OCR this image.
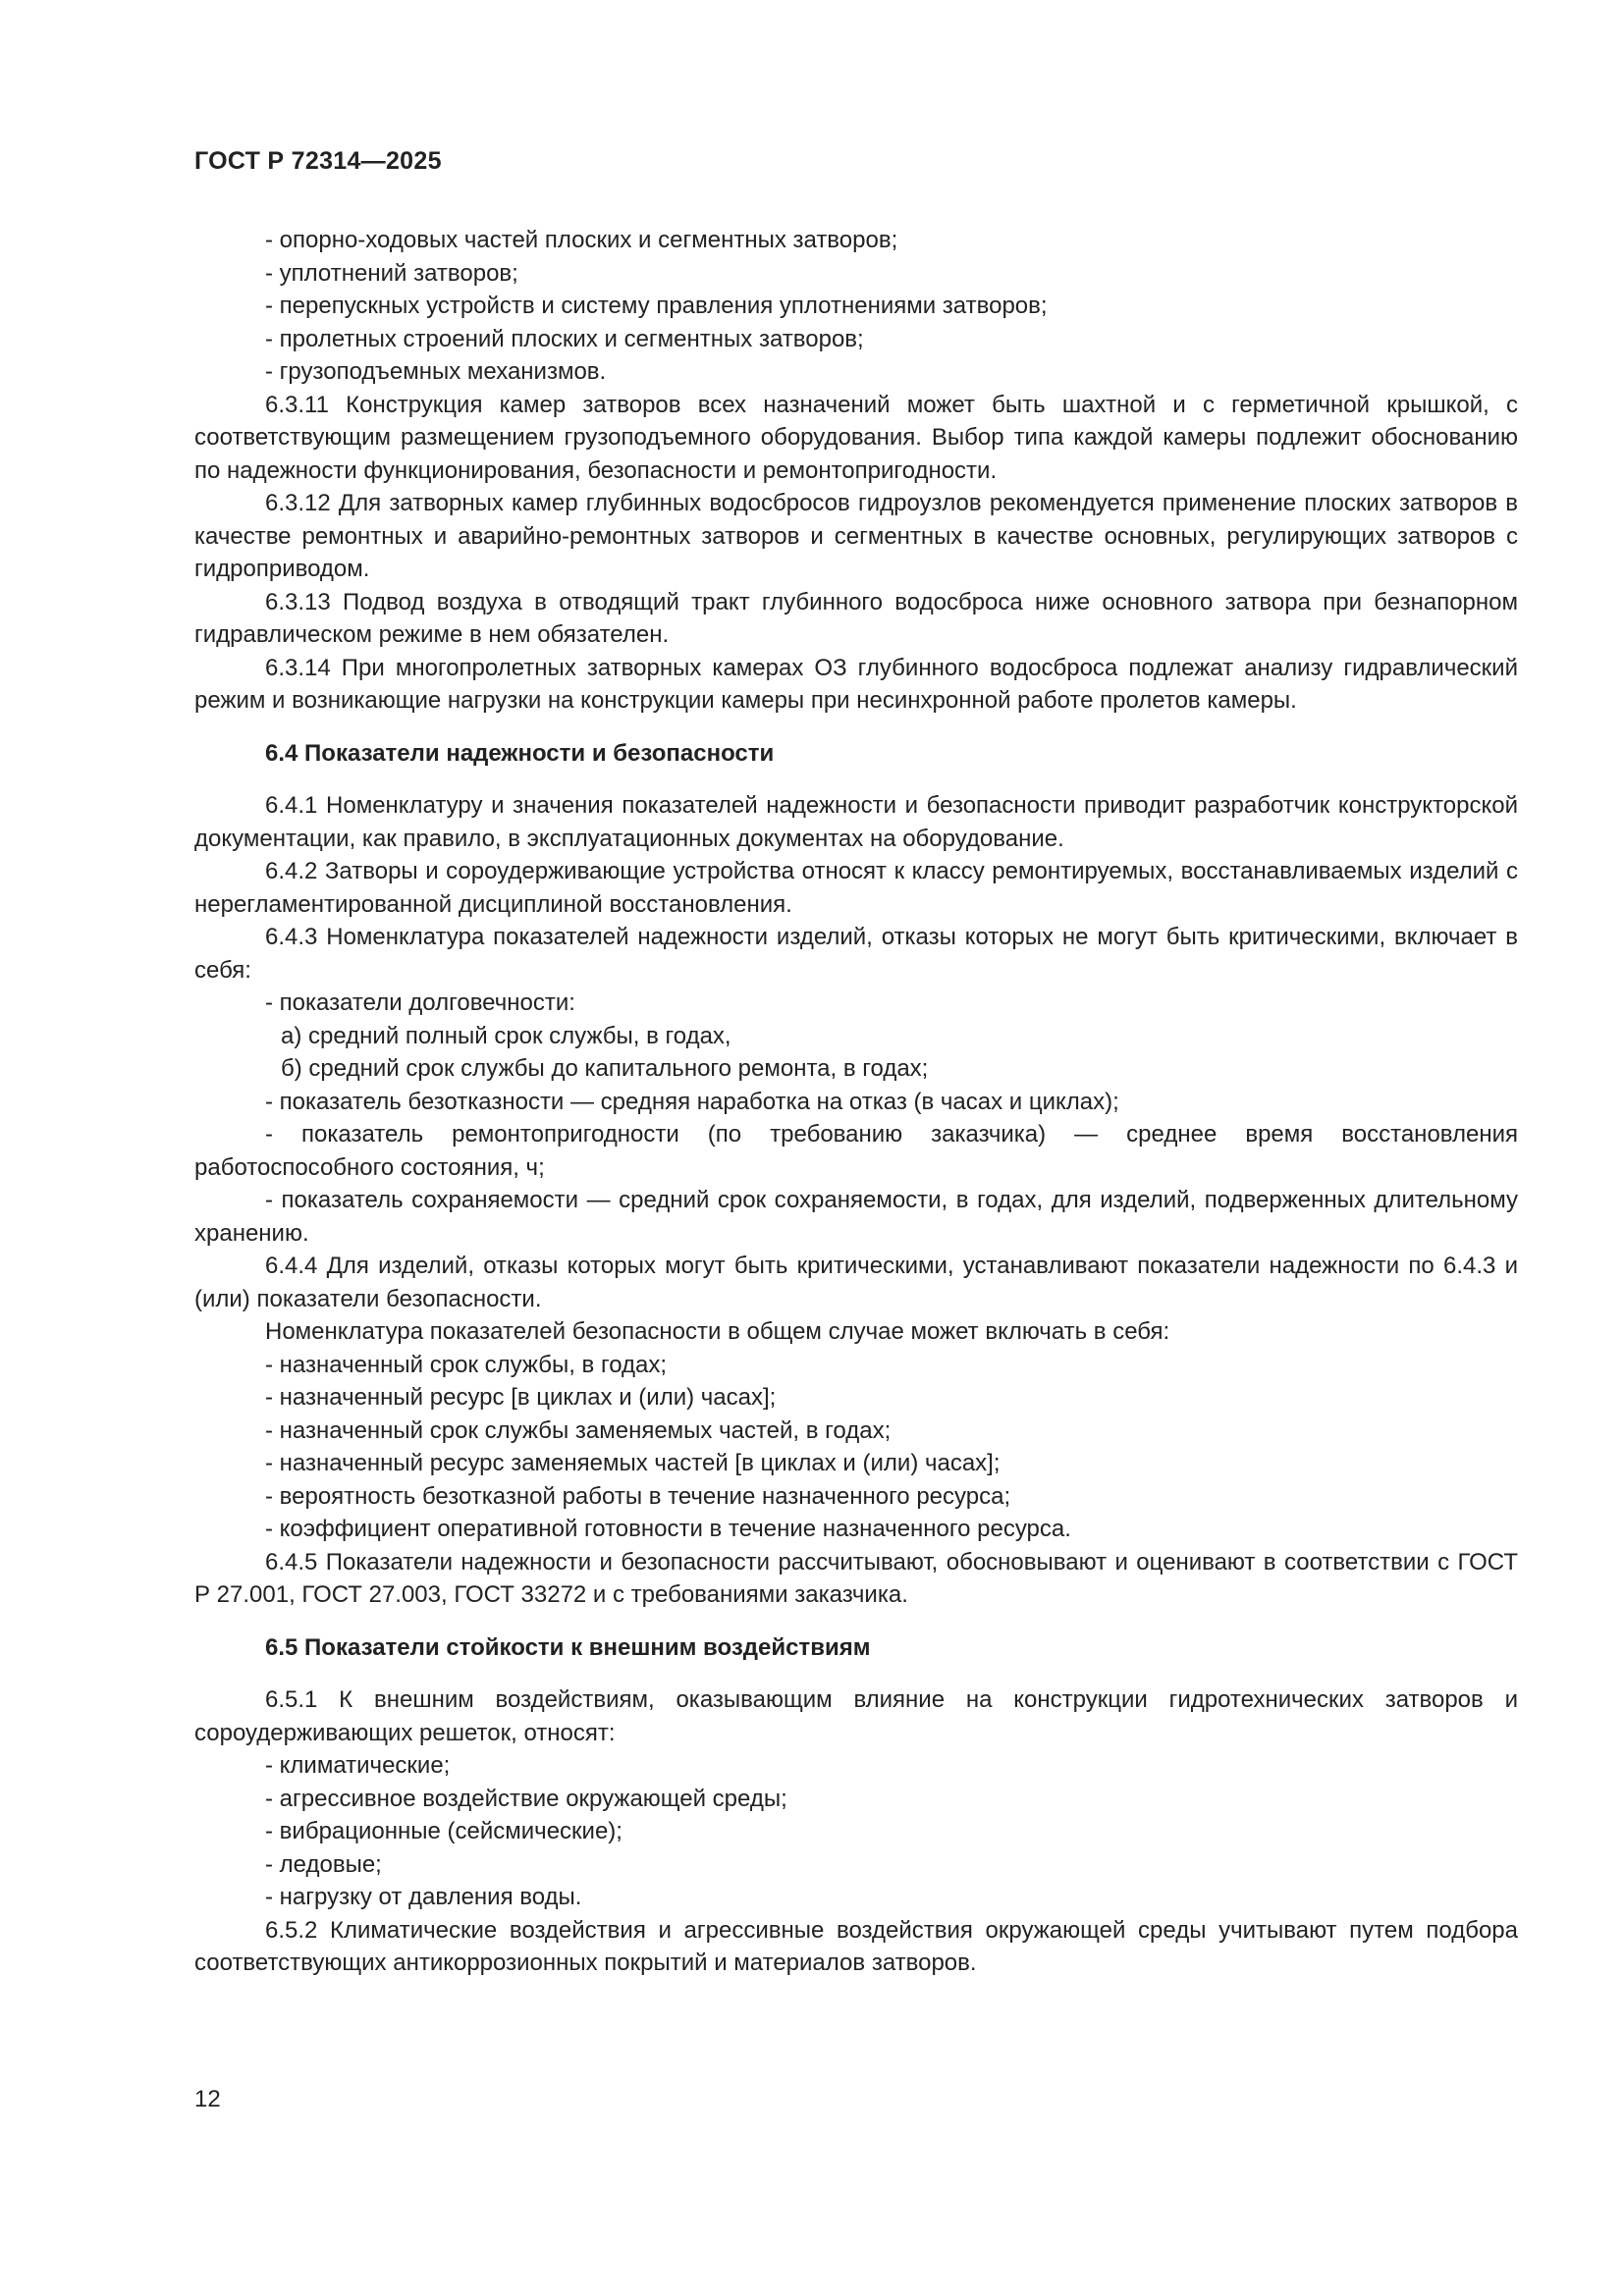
ГОСТ Р 72314—2025
- опорно-ходовых частей плоских и сегментных затворов;
- уплотнений затворов;
- перепускных устройств и систему правления уплотнениями затворов;
- пролетных строений плоских и сегментных затворов;
- грузоподъемных механизмов.
6.3.11 Конструкция камер затворов всех назначений может быть шахтной и с герметичной крышкой, с соответствующим размещением грузоподъемного оборудования. Выбор типа каждой камеры подлежит обоснованию по надежности функционирования, безопасности и ремонтопригодности.
6.3.12 Для затворных камер глубинных водосбросов гидроузлов рекомендуется применение плоских затворов в качестве ремонтных и аварийно-ремонтных затворов и сегментных в качестве основных, регулирующих затворов с гидроприводом.
6.3.13 Подвод воздуха в отводящий тракт глубинного водосброса ниже основного затвора при безнапорном гидравлическом режиме в нем обязателен.
6.3.14 При многопролетных затворных камерах ОЗ глубинного водосброса подлежат анализу гидравлический режим и возникающие нагрузки на конструкции камеры при несинхронной работе пролетов камеры.
6.4 Показатели надежности и безопасности
6.4.1 Номенклатуру и значения показателей надежности и безопасности приводит разработчик конструкторской документации, как правило, в эксплуатационных документах на оборудование.
6.4.2 Затворы и сороудерживающие устройства относят к классу ремонтируемых, восстанавливаемых изделий с нерегламентированной дисциплиной восстановления.
6.4.3 Номенклатура показателей надежности изделий, отказы которых не могут быть критическими, включает в себя:
- показатели долговечности:
а) средний полный срок службы, в годах,
б) средний срок службы до капитального ремонта, в годах;
- показатель безотказности — средняя наработка на отказ (в часах и циклах);
- показатель ремонтопригодности (по требованию заказчика) — среднее время восстановления работоспособного состояния, ч;
- показатель сохраняемости — средний срок сохраняемости, в годах, для изделий, подверженных длительному хранению.
6.4.4 Для изделий, отказы которых могут быть критическими, устанавливают показатели надежности по 6.4.3 и (или) показатели безопасности.
Номенклатура показателей безопасности в общем случае может включать в себя:
- назначенный срок службы, в годах;
- назначенный ресурс [в циклах и (или) часах];
- назначенный срок службы заменяемых частей, в годах;
- назначенный ресурс заменяемых частей [в циклах и (или) часах];
- вероятность безотказной работы в течение назначенного ресурса;
- коэффициент оперативной готовности в течение назначенного ресурса.
6.4.5 Показатели надежности и безопасности рассчитывают, обосновывают и оценивают в соответствии с ГОСТ Р 27.001, ГОСТ 27.003, ГОСТ 33272 и с требованиями заказчика.
6.5 Показатели стойкости к внешним воздействиям
6.5.1 К внешним воздействиям, оказывающим влияние на конструкции гидротехнических затворов и сороудерживающих решеток, относят:
- климатические;
- агрессивное воздействие окружающей среды;
- вибрационные (сейсмические);
- ледовые;
- нагрузку от давления воды.
6.5.2 Климатические воздействия и агрессивные воздействия окружающей среды учитывают путем подбора соответствующих антикоррозионных покрытий и материалов затворов.
12
